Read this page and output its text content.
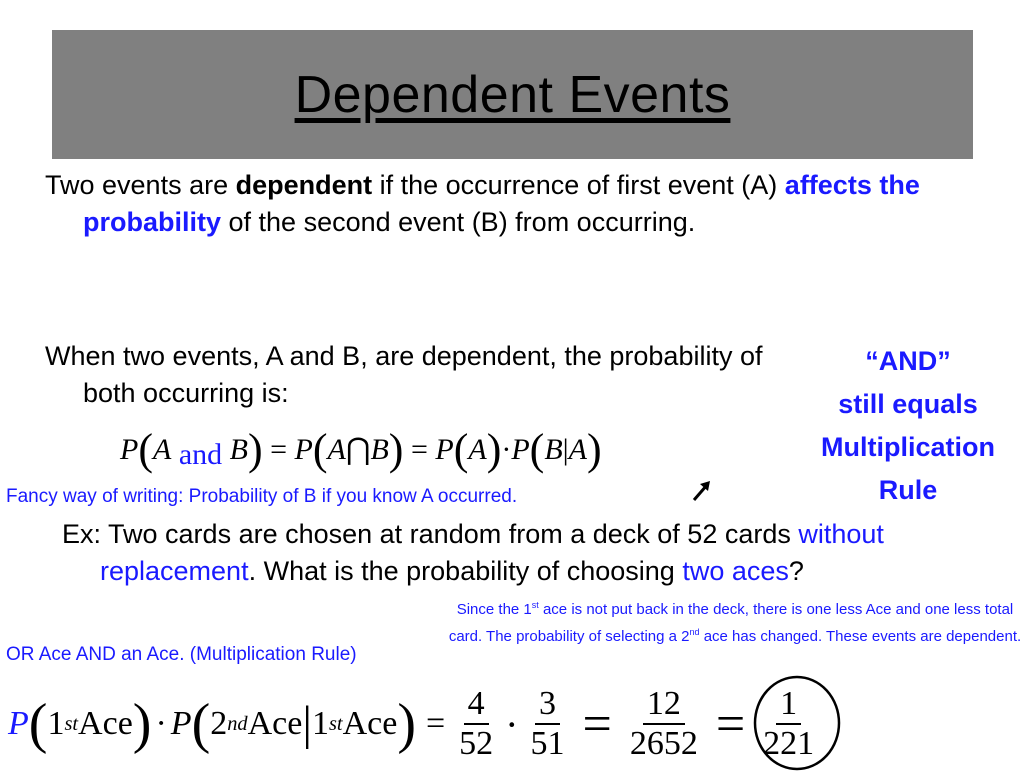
Dependent Events
Two events are dependent if the occurrence of first event (A) affects the probability of the second event (B) from occurring.
When two events, A and B, are dependent, the probability of both occurring is:
“AND”
still equals
Multiplication
Rule
P(A and B) = P(A⋂B) = P(A)·P(B|A)
Fancy way of writing: Probability of B if you know A occurred.
Ex: Two cards are chosen at random from a deck of 52 cards without replacement. What is the probability of choosing two aces?
Since the 1st ace is not put back in the deck, there is one less Ace and one less total card. The probability of selecting a 2nd ace has changed. These events are dependent.
OR Ace AND an Ace. (Multiplication Rule)
P ( 1 st Ace ) · P ( 2 nd Ace | 1 st Ace ) = $\frac{4}{52} \cdot \frac{3}{51} = \frac{12}{2652} = \frac{1}{221}$
